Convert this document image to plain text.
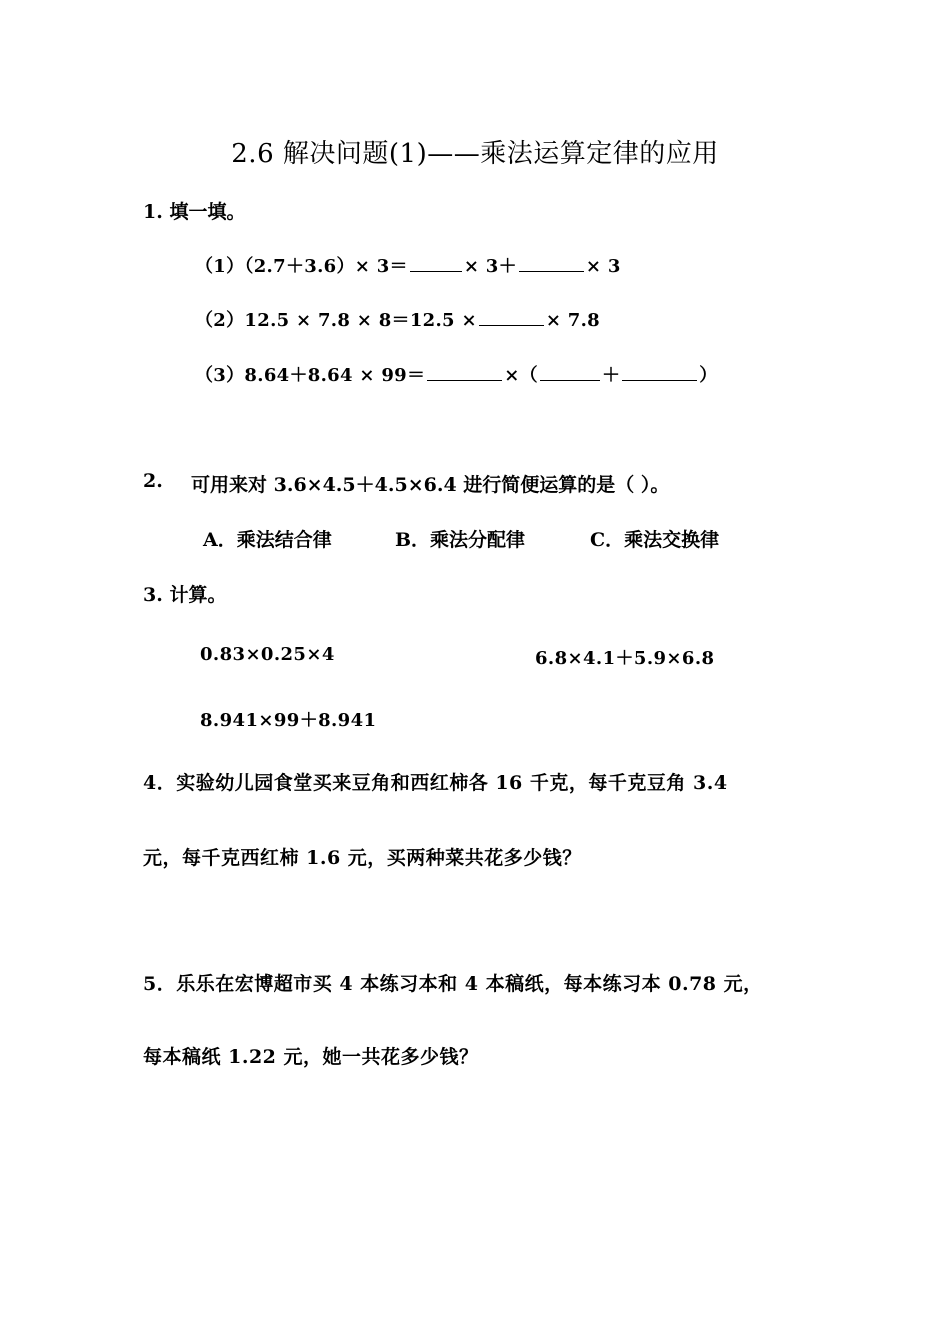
2.6 解决问题(1)——乘法运算定律的应用
1. 填一填。
（1）（2.7＋3.6）× 3＝	× 3＋	× 3
（2）12.5 × 7.8 × 8＝12.5 ×	× 7.8
（3）8.64＋8.64 × 99＝	×（	＋	）
2. 可用来对 3.6×4.5＋4.5×6.4 进行简便运算的是（ ）。
A．乘法结合律	B．乘法分配律	C．乘法交换律
3. 计算。
0.83×0.25×4	6.8×4.1＋5.9×6.8
8.941×99＋8.941
4．实验幼儿园食堂买来豆角和西红柿各 16 千克，每千克豆角 3.4
元，每千克西红柿 1.6 元，买两种菜共花多少钱？
5．乐乐在宏博超市买 4 本练习本和 4 本稿纸，每本练习本 0.78 元，
每本稿纸 1.22 元，她一共花多少钱？
